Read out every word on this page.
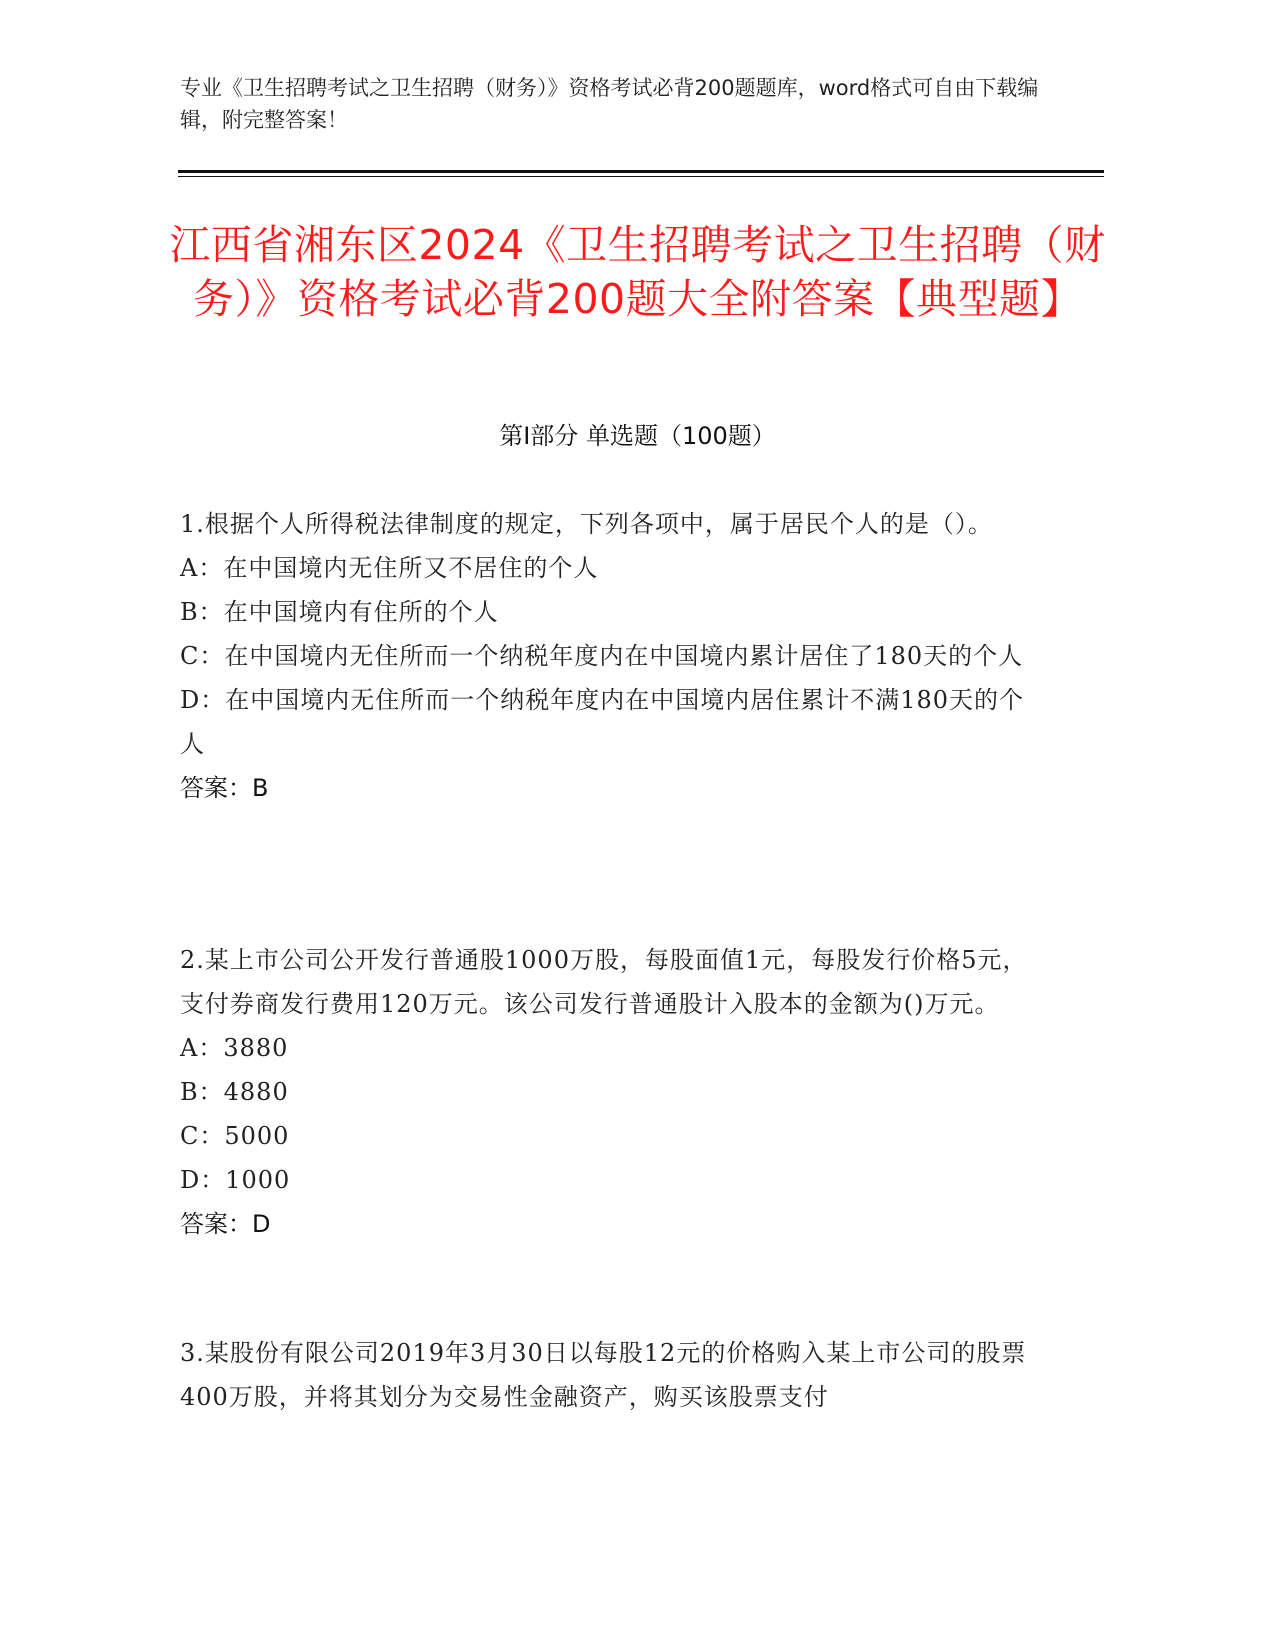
专业《卫生招聘考试之卫生招聘（财务）》资格考试必背200题题库，word格式可自由下载编辑，附完整答案！
江西省湘东区2024《卫生招聘考试之卫生招聘（财务）》资格考试必背200题大全附答案【典型题】
第I部分 单选题（100题）

1.根据个人所得税法律制度的规定，下列各项中，属于居民个人的是（）。

A：在中国境内无住所又不居住的个人

B：在中国境内有住所的个人

C：在中国境内无住所而一个纳税年度内在中国境内累计居住了180天的个人

D：在中国境内无住所而一个纳税年度内在中国境内居住累计不满180天的个人

答案：B

2.某上市公司公开发行普通股1000万股，每股面值1元，每股发行价格5元，支付券商发行费用120万元。该公司发行普通股计入股本的金额为()万元。

A：3880

B：4880

C：5000

D：1000

答案：D

3.某股份有限公司2019年3月30日以每股12元的价格购入某上市公司的股票400万股，并将其划分为交易性金融资产，购买该股票支付
